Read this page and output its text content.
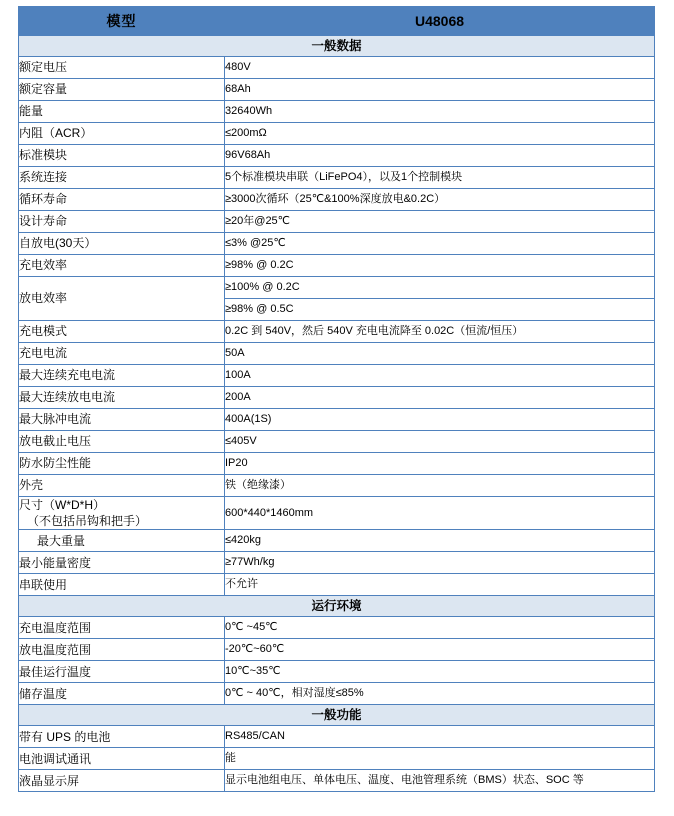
模型	U48068
一般数据	
额定电压	480V
额定容量	68Ah
能量	32640Wh
内阻（ACR）	≤200mΩ
标准模块	96V68Ah
系统连接	5个标准模块串联（LiFePO4），以及1个控制模块
循环寿命	≥3000次循环（25℃&100%深度放电&0.2C）
设计寿命	≥20年@25℃
自放电(30天）	≤3% @25℃
充电效率	≥98% @ 0.2C
放电效率	≥100% @ 0.2C
	≥98% @ 0.5C
充电模式	0.2C 到 540V，然后 540V 充电电流降至 0.02C（恒流/恒压）
充电电流	50A
最大连续充电电流	100A
最大连续放电电流	200A
最大脉冲电流	400A(1S)
放电截止电压	≤405V
防水防尘性能	IP20
外壳	铁（绝缘漆）
尺寸（W*D*H）
（不包括吊钩和把手）	600*440*1460mm
最大重量	≤420kg
最小能量密度	≥77Wh/kg
串联使用	不允许
运行环境	
充电温度范围	0℃ ~45℃
放电温度范围	-20℃~60℃
最佳运行温度	10℃~35℃
储存温度	0℃ ~ 40℃，相对湿度≤85%
一般功能	
带有 UPS 的电池	RS485/CAN
电池调试通讯	能
液晶显示屏	显示电池组电压、单体电压、温度、电池管理系统（BMS）状态、SOC 等
